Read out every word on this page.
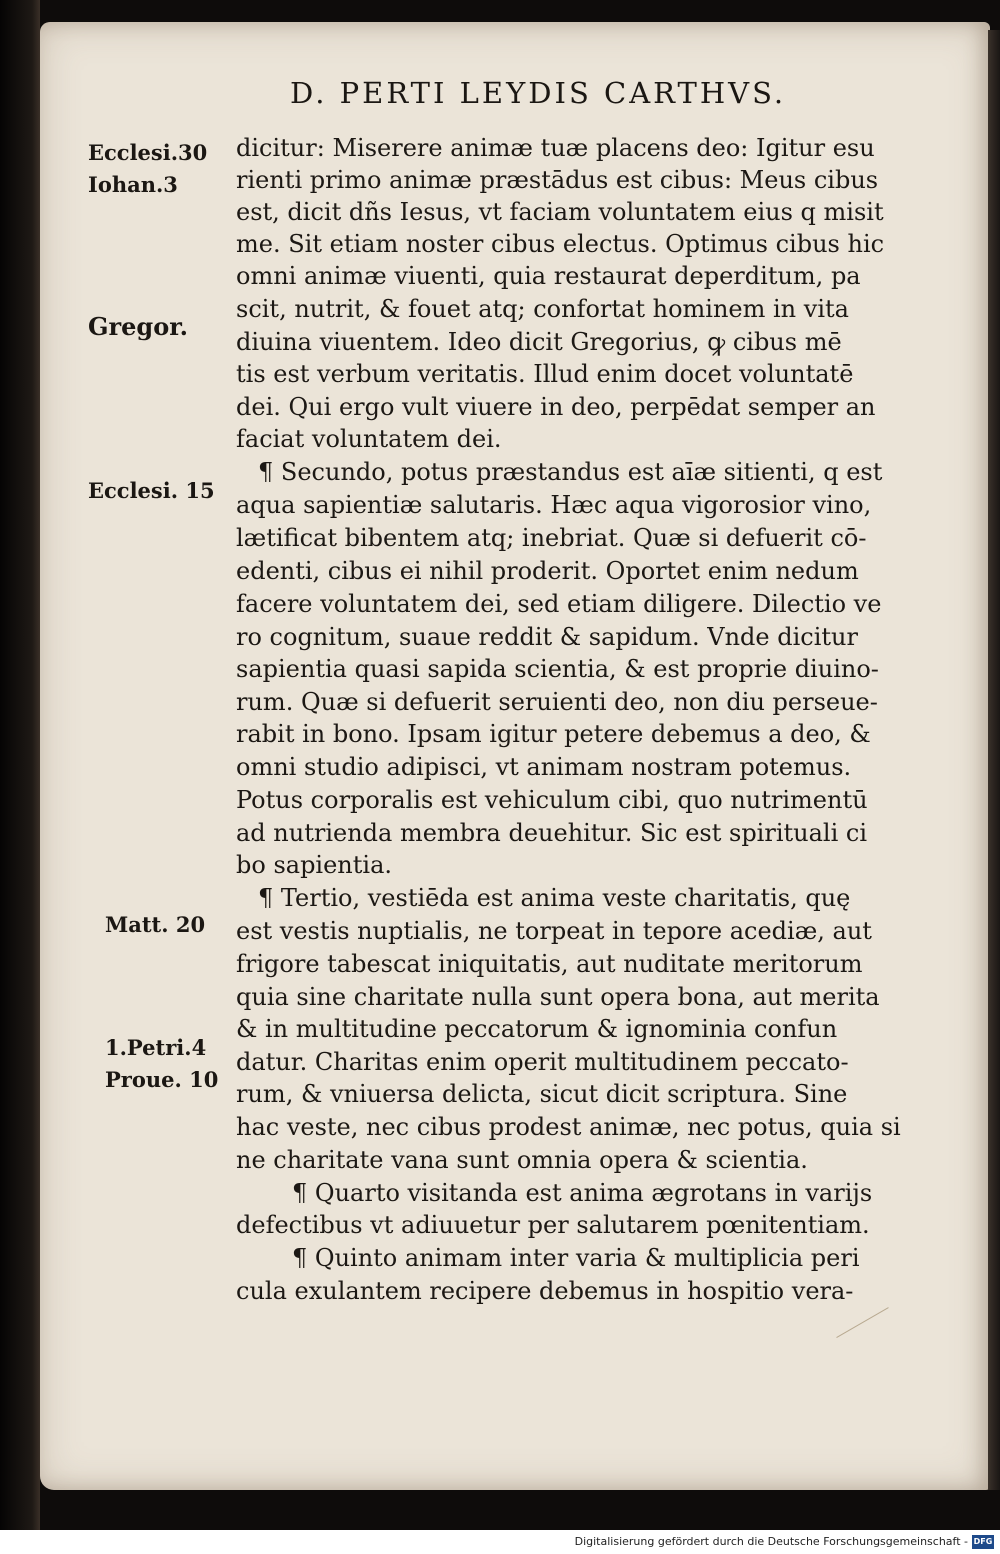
D. PERTI LEYDIS CARTHVS.
Ecclesi.30
Iohan.3
Gregor.
Ecclesi. 15
Matt. 20
1.Petri.4
Proue. 10
dicitur: Miserere animæ tuæ placens deo: Igitur esu
rienti primo animæ præstādus est cibus: Meus cibus
est, dicit dñs Iesus, vt faciam voluntatem eius q misit
me. Sit etiam noster cibus electus. Optimus cibus hic
omni animæ viuenti, quia restaurat deperditum, pa
scit, nutrit, & fouet atq; confortat hominem in vita
diuina viuentem. Ideo dicit Gregorius, ꝙ cibus mē
tis est verbum veritatis. Illud enim docet voluntatē
dei. Qui ergo vult viuere in deo, perpēdat semper an
faciat voluntatem dei.
¶ Secundo, potus præstandus est aīæ sitienti, q est
aqua sapientiæ salutaris. Hæc aqua vigorosior vino,
lætificat bibentem atq; inebriat. Quæ si defuerit cō-
edenti, cibus ei nihil proderit. Oportet enim nedum
facere voluntatem dei, sed etiam diligere. Dilectio ve
ro cognitum, suaue reddit & sapidum. Vnde dicitur
sapientia quasi sapida scientia, & est proprie diuino-
rum. Quæ si defuerit seruienti deo, non diu perseue-
rabit in bono. Ipsam igitur petere debemus a deo, &
omni studio adipisci, vt animam nostram potemus.
Potus corporalis est vehiculum cibi, quo nutrimentū
ad nutrienda membra deuehitur. Sic est spirituali ci
bo sapientia.
¶ Tertio, vestiēda est anima veste charitatis, quę
est vestis nuptialis, ne torpeat in tepore acediæ, aut
frigore tabescat iniquitatis, aut nuditate meritorum
quia sine charitate nulla sunt opera bona, aut merita
& in multitudine peccatorum & ignominia confun
datur. Charitas enim operit multitudinem peccato-
rum, & vniuersa delicta, sicut dicit scriptura. Sine
hac veste, nec cibus prodest animæ, nec potus, quia si
ne charitate vana sunt omnia opera & scientia.
¶ Quarto visitanda est anima ægrotans in varijs
defectibus vt adiuuetur per salutarem pœnitentiam.
¶ Quinto animam inter varia & multiplicia peri
cula exulantem recipere debemus in hospitio vera-
Digitalisierung gefördert durch die Deutsche Forschungsgemeinschaft - DFG
